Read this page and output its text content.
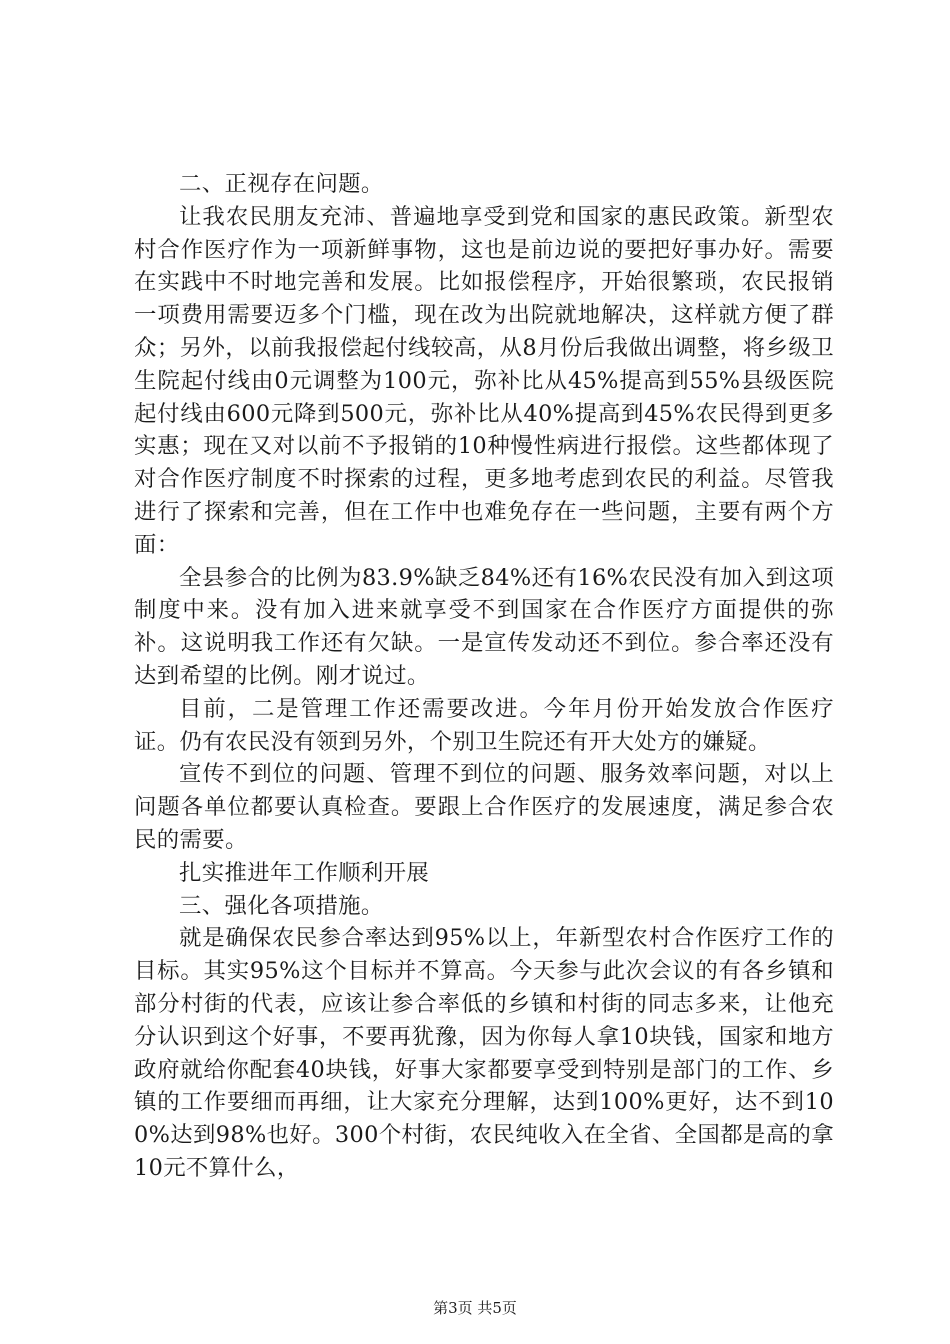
二、正视存在问题。

让我农民朋友充沛、普遍地享受到党和国家的惠民政策。新型农村合作医疗作为一项新鲜事物，这也是前边说的要把好事办好。需要在实践中不时地完善和发展。比如报偿程序，开始很繁琐，农民报销一项费用需要迈多个门槛，现在改为出院就地解决，这样就方便了群众；另外，以前我报偿起付线较高，从8月份后我做出调整，将乡级卫生院起付线由0元调整为100元，弥补比从45%提高到55%县级医院起付线由600元降到500元，弥补比从40%提高到45%农民得到更多实惠；现在又对以前不予报销的10种慢性病进行报偿。这些都体现了对合作医疗制度不时探索的过程，更多地考虑到农民的利益。尽管我进行了探索和完善，但在工作中也难免存在一些问题，主要有两个方面：

全县参合的比例为83.9%缺乏84%还有16%农民没有加入到这项制度中来。没有加入进来就享受不到国家在合作医疗方面提供的弥补。这说明我工作还有欠缺。一是宣传发动还不到位。参合率还没有达到希望的比例。刚才说过。

目前，二是管理工作还需要改进。今年月份开始发放合作医疗证。仍有农民没有领到另外，个别卫生院还有开大处方的嫌疑。

宣传不到位的问题、管理不到位的问题、服务效率问题，对以上问题各单位都要认真检查。要跟上合作医疗的发展速度，满足参合农民的需要。

扎实推进年工作顺利开展

三、强化各项措施。

就是确保农民参合率达到95%以上，年新型农村合作医疗工作的目标。其实95%这个目标并不算高。今天参与此次会议的有各乡镇和部分村街的代表，应该让参合率低的乡镇和村街的同志多来，让他充分认识到这个好事，不要再犹豫，因为你每人拿10块钱，国家和地方政府就给你配套40块钱，好事大家都要享受到特别是部门的工作、乡镇的工作要细而再细，让大家充分理解，达到100%更好，达不到100%达到98%也好。300个村街，农民纯收入在全省、全国都是高的拿10元不算什么，

第3页 共5页
